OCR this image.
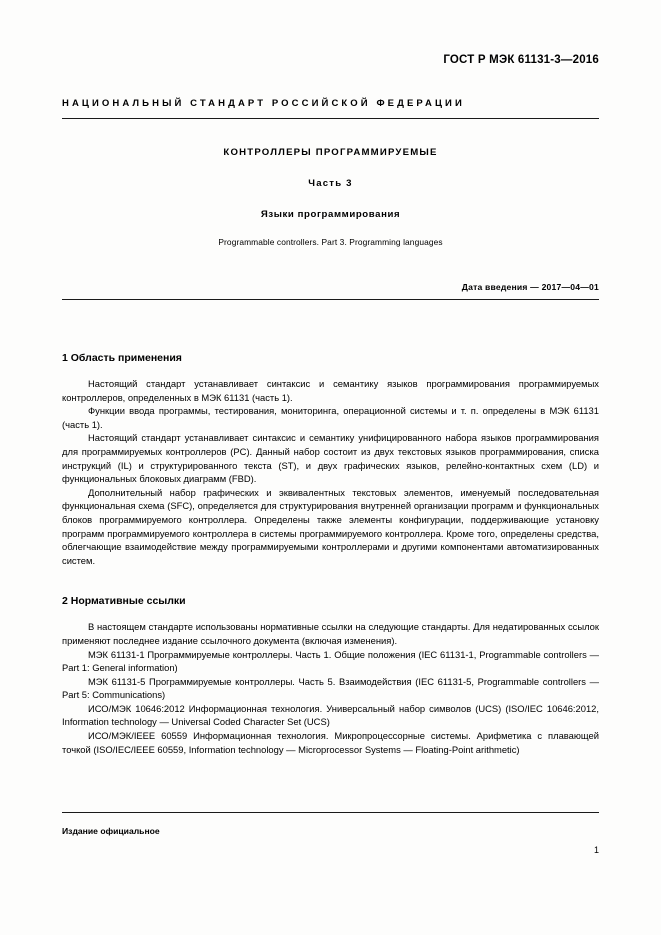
ГОСТ Р МЭК 61131-3—2016
НАЦИОНАЛЬНЫЙ СТАНДАРТ РОССИЙСКОЙ ФЕДЕРАЦИИ
КОНТРОЛЛЕРЫ ПРОГРАММИРУЕМЫЕ
Часть 3
Языки программирования
Programmable controllers. Part 3. Programming languages
Дата введения — 2017—04—01
1 Область применения

Настоящий стандарт устанавливает синтаксис и семантику языков программирования программируемых контроллеров, определенных в МЭК 61131 (часть 1).

Функции ввода программы, тестирования, мониторинга, операционной системы и т. п. определены в МЭК 61131 (часть 1).

Настоящий стандарт устанавливает синтаксис и семантику унифицированного набора языков программирования для программируемых контроллеров (PC). Данный набор состоит из двух текстовых языков программирования, списка инструкций (IL) и структурированного текста (ST), и двух графических языков, релейно-контактных схем (LD) и функциональных блоковых диаграмм (FBD).

Дополнительный набор графических и эквивалентных текстовых элементов, именуемый последовательная функциональная схема (SFC), определяется для структурирования внутренней организации программ и функциональных блоков программируемого контроллера. Определены также элементы конфигурации, поддерживающие установку программ программируемого контроллера в системы программируемого контроллера. Кроме того, определены средства, облегчающие взаимодействие между программируемыми контроллерами и другими компонентами автоматизированных систем.

2 Нормативные ссылки

В настоящем стандарте использованы нормативные ссылки на следующие стандарты. Для недатированных ссылок применяют последнее издание ссылочного документа (включая изменения).

МЭК 61131-1 Программируемые контроллеры. Часть 1. Общие положения (IEC 61131-1, Programmable controllers — Part 1: General information)

МЭК 61131-5 Программируемые контроллеры. Часть 5. Взаимодействия (IEC 61131-5, Programmable controllers — Part 5: Communications)

ИСО/МЭК 10646:2012 Информационная технология. Универсальный набор символов (UCS) (ISO/IEC 10646:2012, Information technology — Universal Coded Character Set (UCS)

ИСО/МЭК/IEEE 60559 Информационная технология. Микропроцессорные системы. Арифметика с плавающей точкой (ISO/IEC/IEEE 60559, Information technology — Microprocessor Systems — Floating-Point arithmetic)

Издание официальное
1
